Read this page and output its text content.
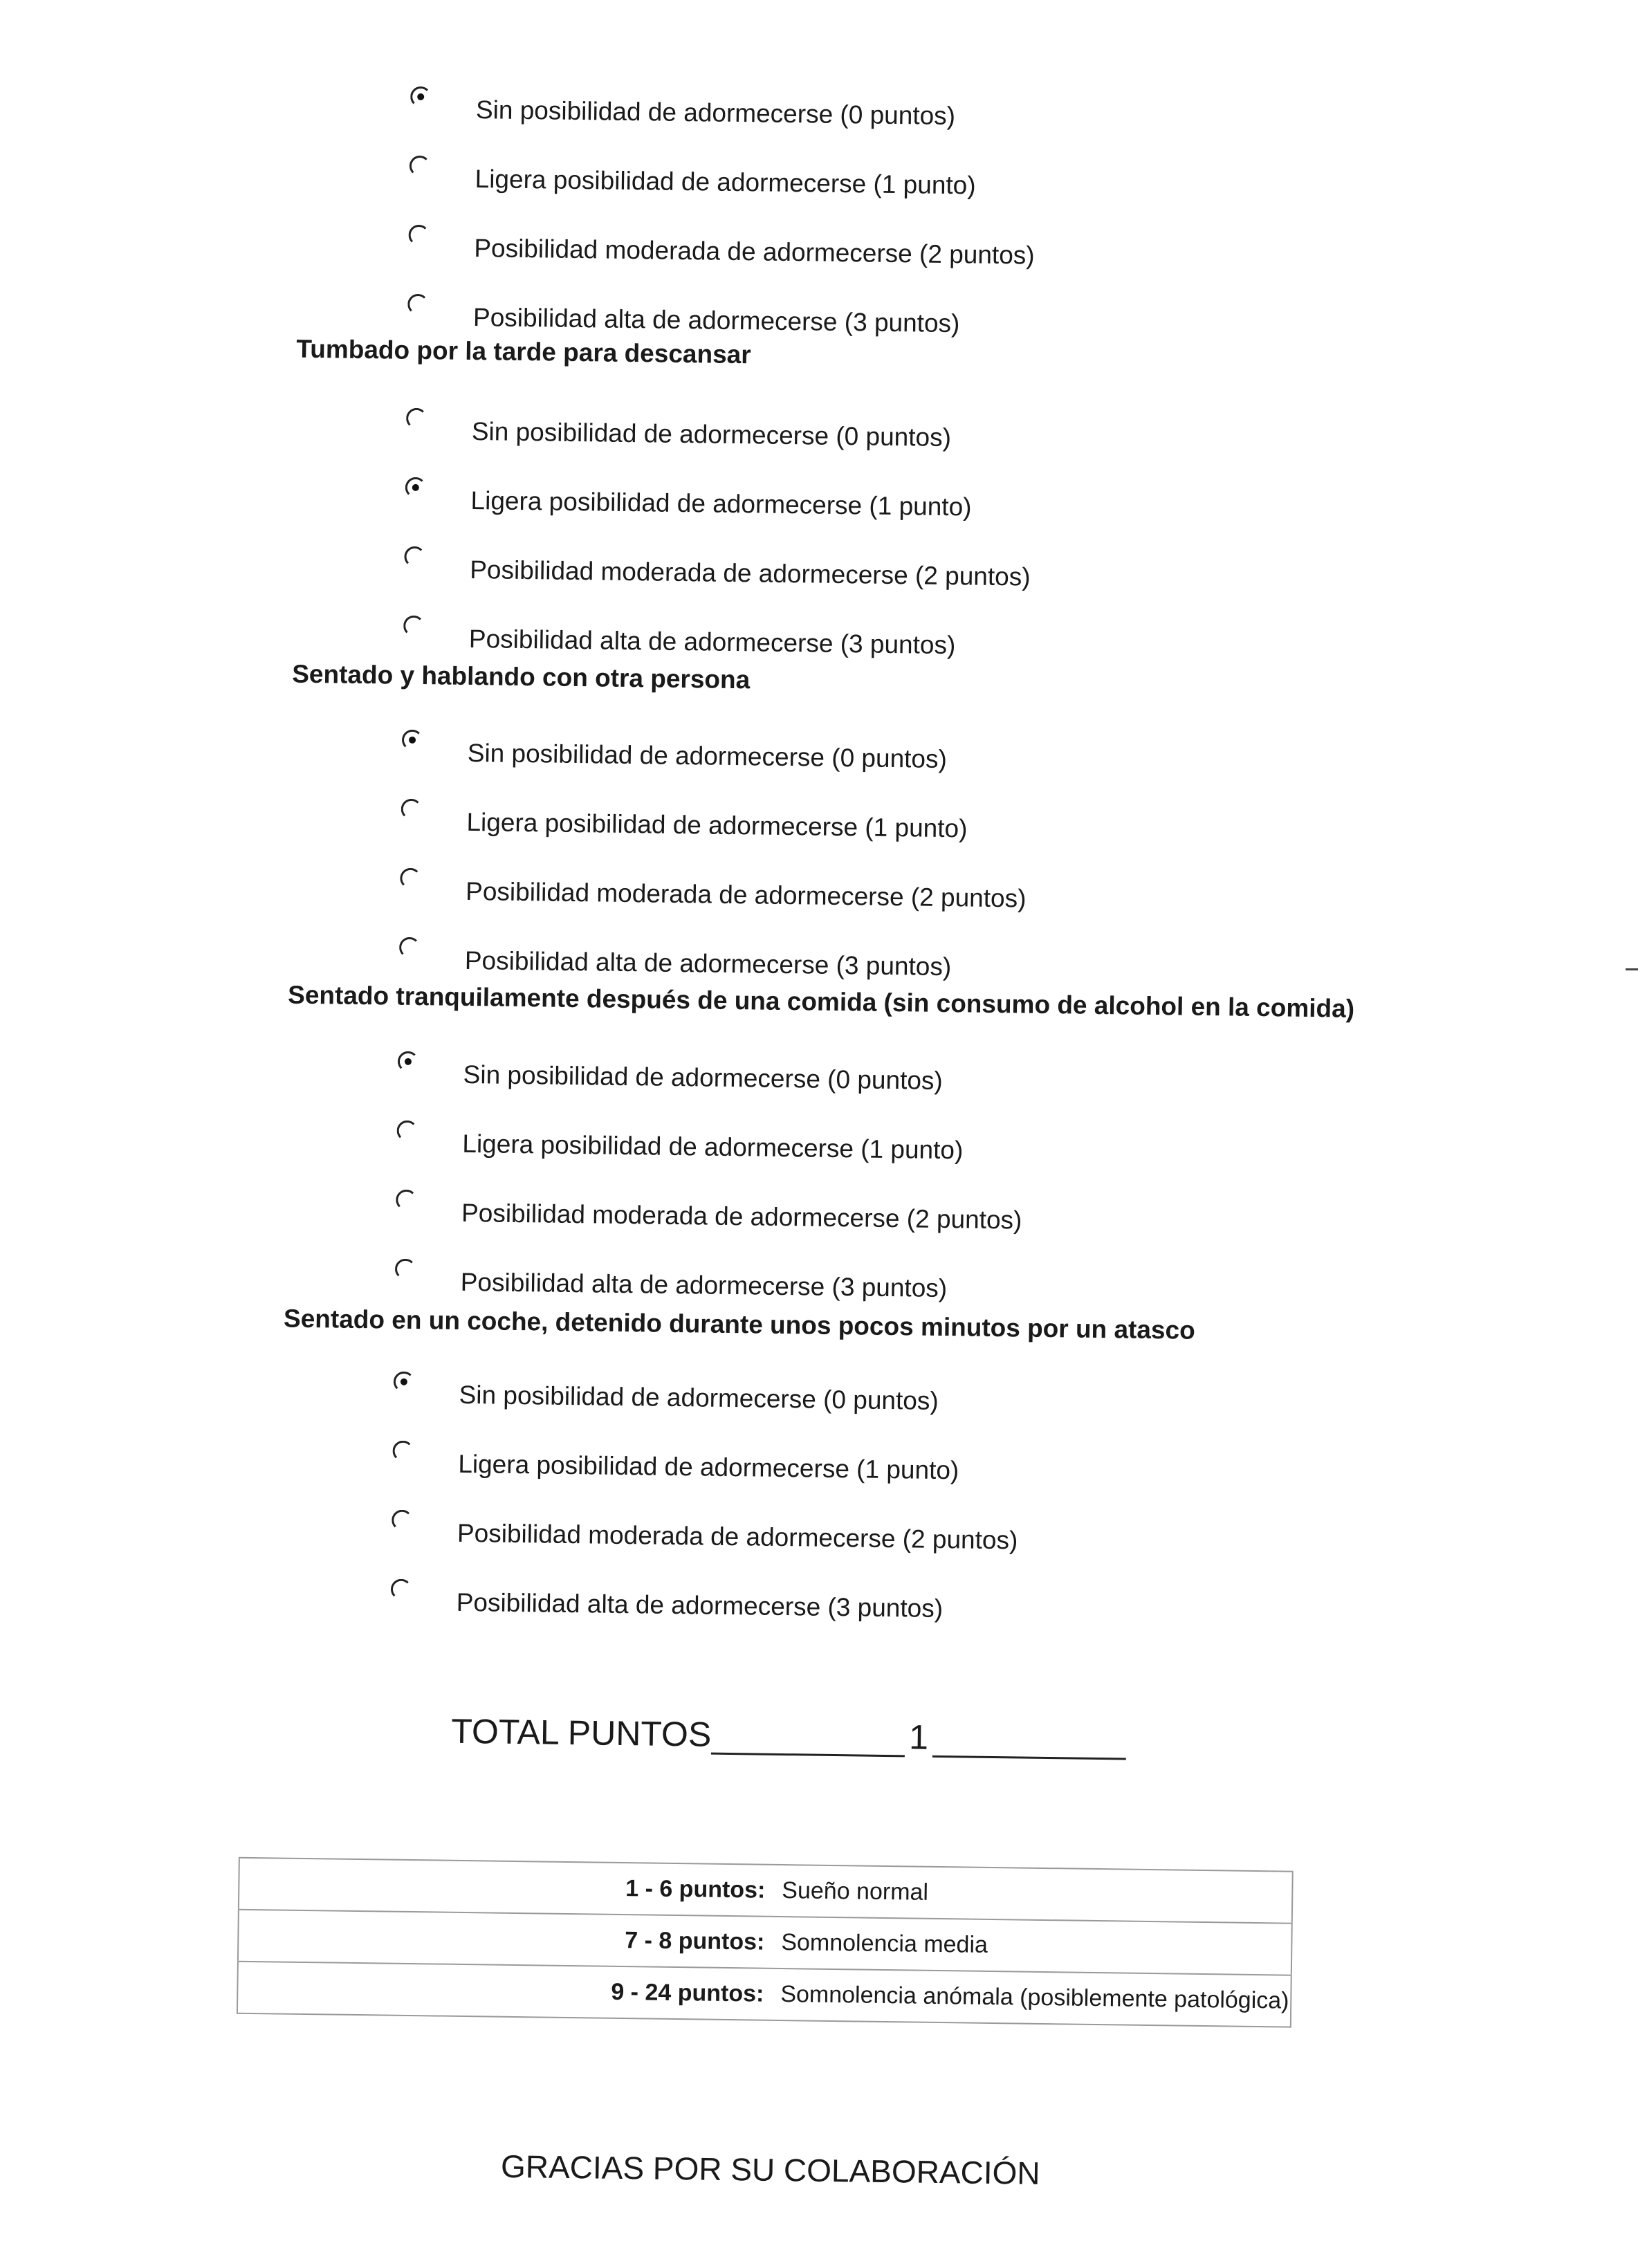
Sin posibilidad de adormecerse (0 puntos)
Ligera posibilidad de adormecerse (1 punto)
Posibilidad moderada de adormecerse (2 puntos)
Posibilidad alta de adormecerse (3 puntos)
Tumbado por la tarde para descansar
Sin posibilidad de adormecerse (0 puntos)
Ligera posibilidad de adormecerse (1 punto)
Posibilidad moderada de adormecerse (2 puntos)
Posibilidad alta de adormecerse (3 puntos)
Sentado y hablando con otra persona
Sin posibilidad de adormecerse (0 puntos)
Ligera posibilidad de adormecerse (1 punto)
Posibilidad moderada de adormecerse (2 puntos)
Posibilidad alta de adormecerse (3 puntos)
Sentado tranquilamente después de una comida (sin consumo de alcohol en la comida)
Sin posibilidad de adormecerse (0 puntos)
Ligera posibilidad de adormecerse (1 punto)
Posibilidad moderada de adormecerse (2 puntos)
Posibilidad alta de adormecerse (3 puntos)
Sentado en un coche, detenido durante unos pocos minutos por un atasco
Sin posibilidad de adormecerse (0 puntos)
Ligera posibilidad de adormecerse (1 punto)
Posibilidad moderada de adormecerse (2 puntos)
Posibilidad alta de adormecerse (3 puntos)
TOTAL PUNTOS	1
1 - 6 puntos:	Sueño normal
7 - 8 puntos:	Somnolencia media
9 - 24 puntos:	Somnolencia anómala (posiblemente patológica)
GRACIAS POR SU COLABORACIÓN
